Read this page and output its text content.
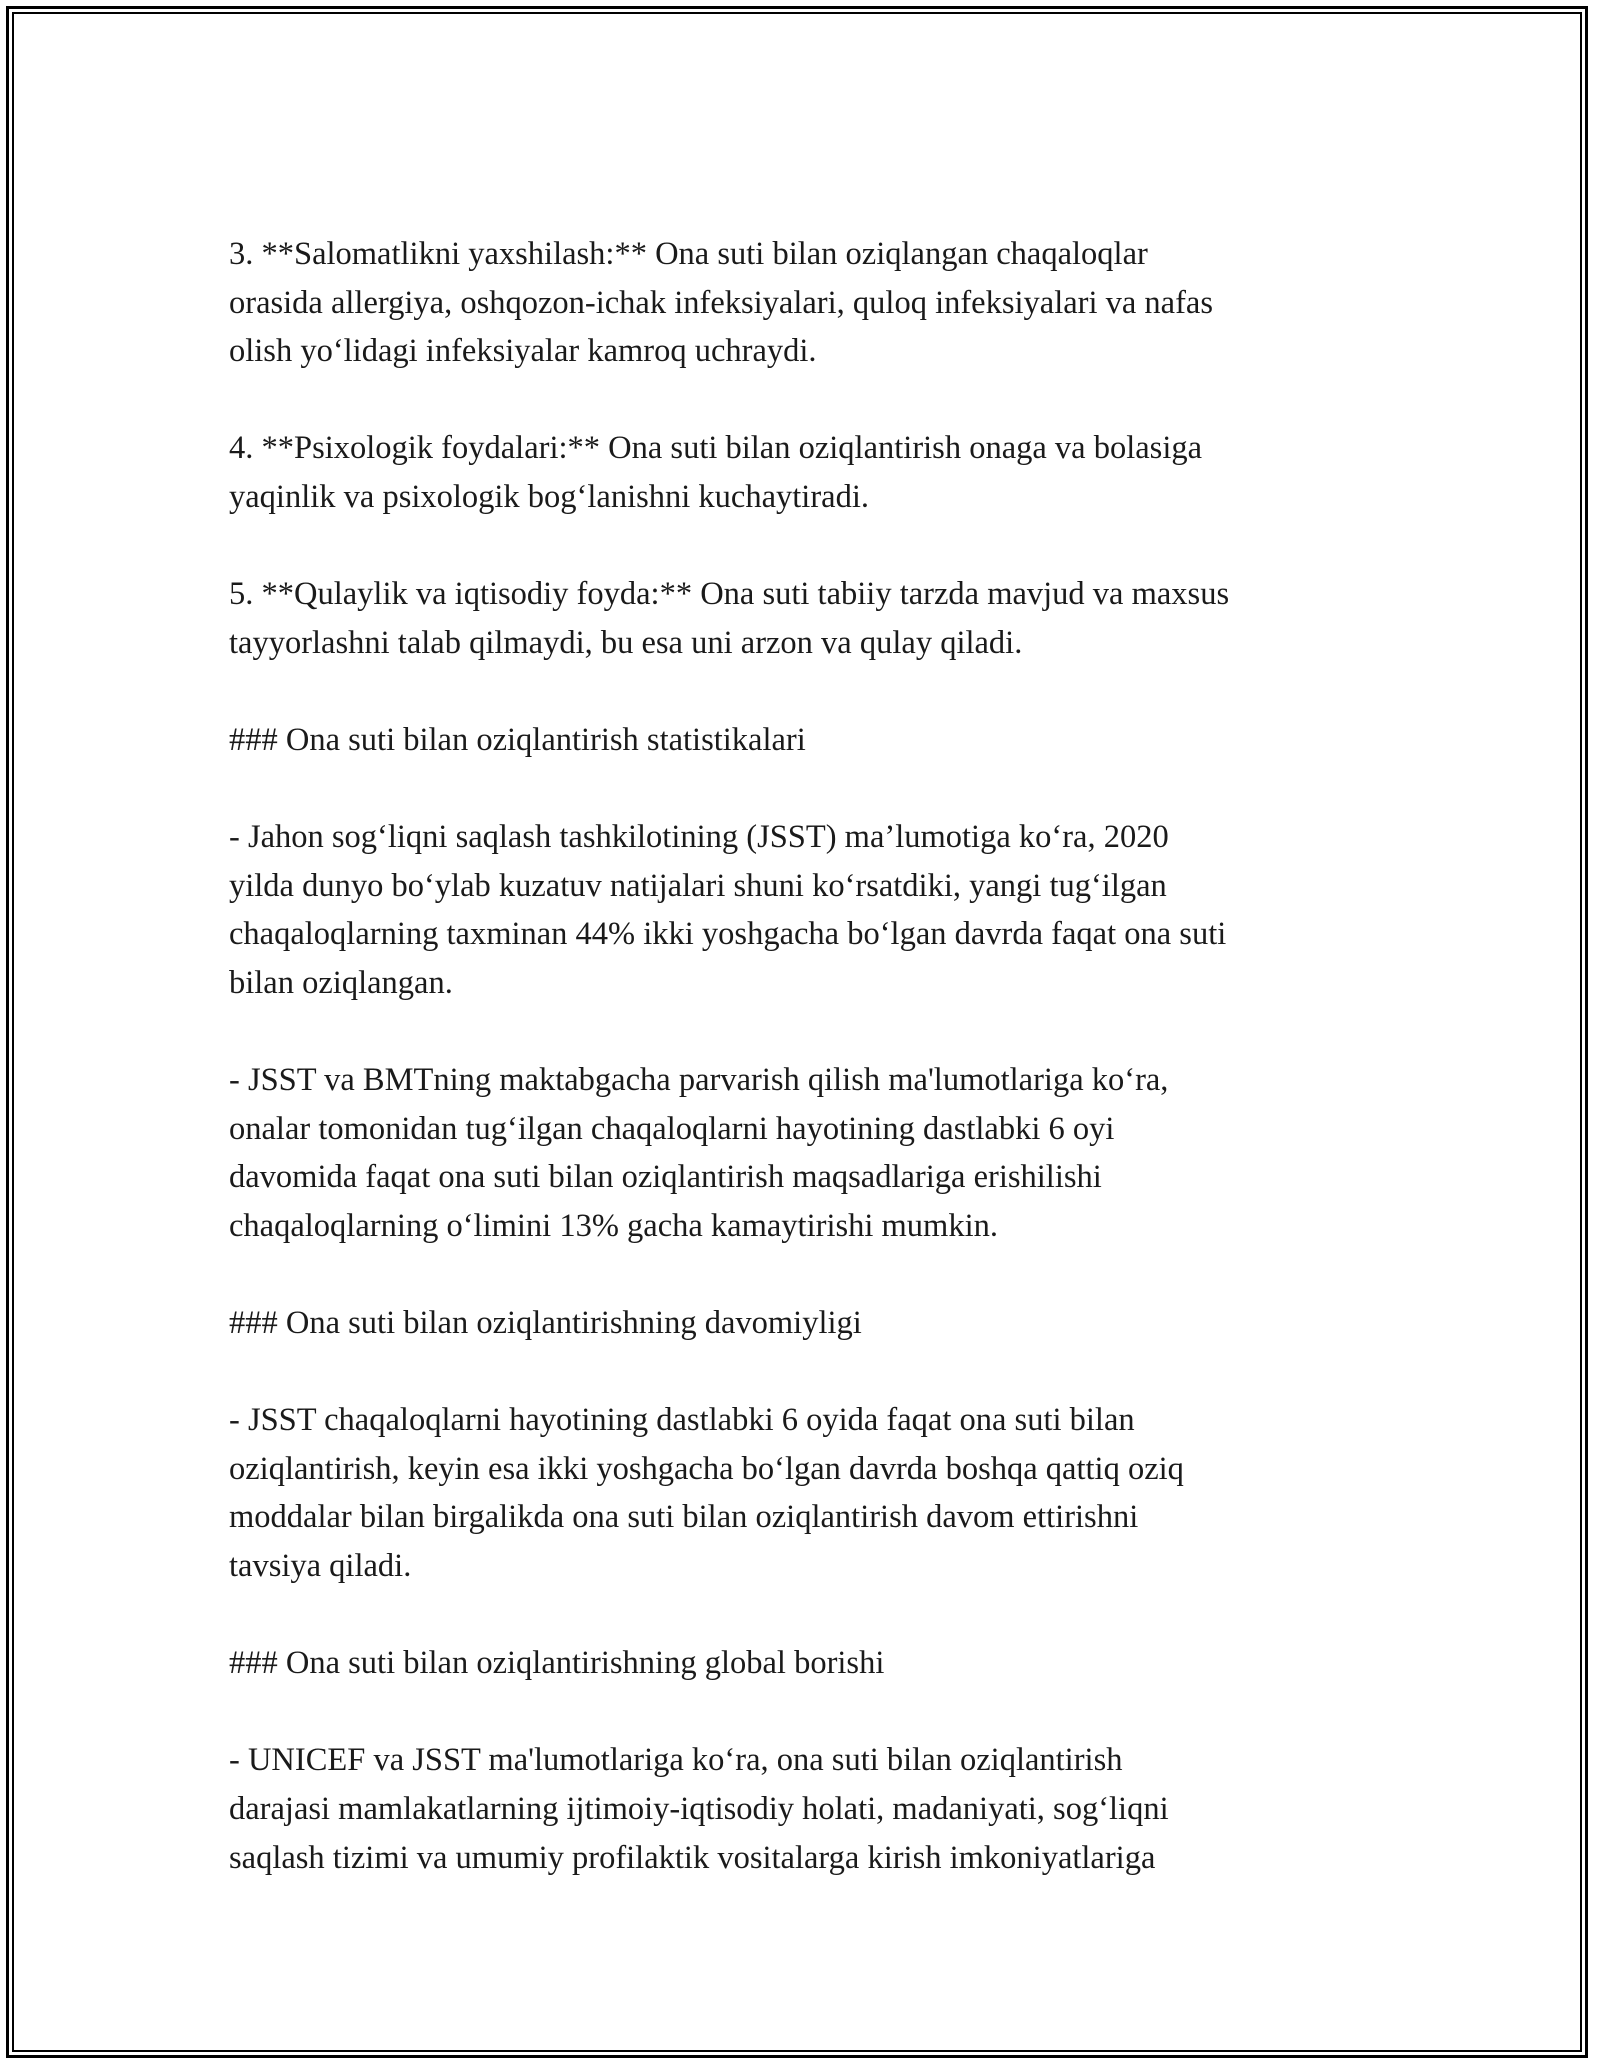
3. **Salomatlikni yaxshilash:** Ona suti bilan oziqlangan chaqaloqlar
orasida allergiya, oshqozon-ichak infeksiyalari, quloq infeksiyalari va nafas
olish yoʻlidagi infeksiyalar kamroq uchraydi.

4. **Psixologik foydalari:** Ona suti bilan oziqlantirish onaga va bolasiga
yaqinlik va psixologik bogʻlanishni kuchaytiradi.

5. **Qulaylik va iqtisodiy foyda:** Ona suti tabiiy tarzda mavjud va maxsus
tayyorlashni talab qilmaydi, bu esa uni arzon va qulay qiladi.

### Ona suti bilan oziqlantirish statistikalari

- Jahon sogʻliqni saqlash tashkilotining (JSST) ma’lumotiga koʻra, 2020
yilda dunyo boʻylab kuzatuv natijalari shuni koʻrsatdiki, yangi tugʻilgan
chaqaloqlarning taxminan 44% ikki yoshgacha boʻlgan davrda faqat ona suti
bilan oziqlangan.

- JSST va BMTning maktabgacha parvarish qilish ma'lumotlariga koʻra,
onalar tomonidan tugʻilgan chaqaloqlarni hayotining dastlabki 6 oyi
davomida faqat ona suti bilan oziqlantirish maqsadlariga erishilishi
chaqaloqlarning oʻlimini 13% gacha kamaytirishi mumkin.

### Ona suti bilan oziqlantirishning davomiyligi

- JSST chaqaloqlarni hayotining dastlabki 6 oyida faqat ona suti bilan
oziqlantirish, keyin esa ikki yoshgacha boʻlgan davrda boshqa qattiq oziq
moddalar bilan birgalikda ona suti bilan oziqlantirish davom ettirishni
tavsiya qiladi.

### Ona suti bilan oziqlantirishning global borishi

- UNICEF va JSST ma'lumotlariga koʻra, ona suti bilan oziqlantirish
darajasi mamlakatlarning ijtimoiy-iqtisodiy holati, madaniyati, sogʻliqni
saqlash tizimi va umumiy profilaktik vositalarga kirish imkoniyatlariga
